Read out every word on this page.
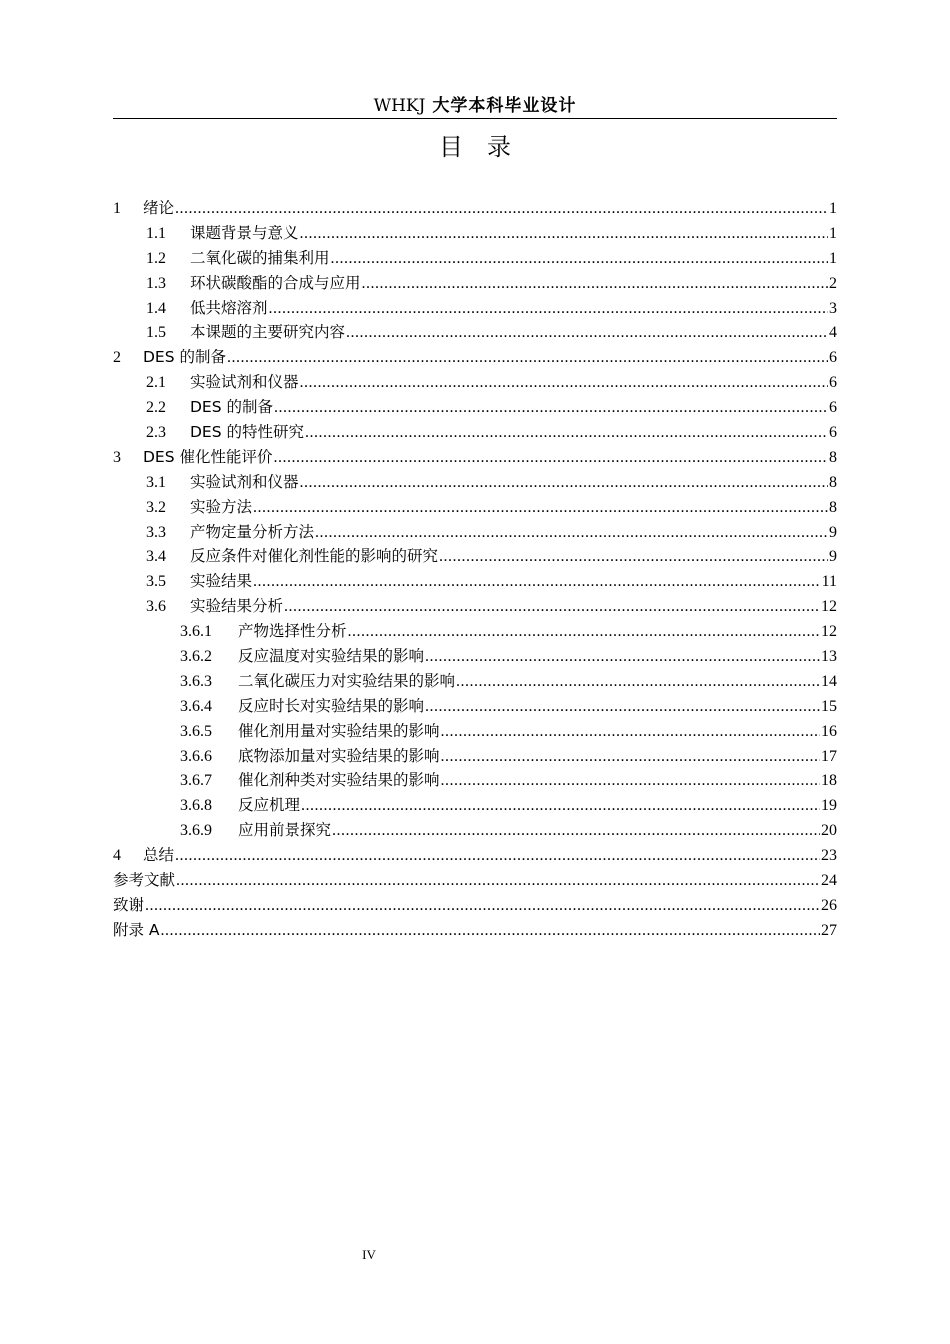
WHKJ 大学本科毕业设计
目　录
1	绪论 .....	1
1.1	课题背景与意义 .....	1
1.2	二氧化碳的捕集利用 .....	1
1.3	环状碳酸酯的合成与应用 .....	2
1.4	低共熔溶剂 .....	3
1.5	本课题的主要研究内容 .....	4
2	DES 的制备 .....	6
2.1	实验试剂和仪器 .....	6
2.2	DES 的制备 .....	6
2.3	DES 的特性研究 .....	6
3	DES 催化性能评价 .....	8
3.1	实验试剂和仪器 .....	8
3.2	实验方法 .....	8
3.3	产物定量分析方法 .....	9
3.4	反应条件对催化剂性能的影响的研究 .....	9
3.5	实验结果 .....	11
3.6	实验结果分析 .....	12
3.6.1	产物选择性分析 .....	12
3.6.2	反应温度对实验结果的影响 .....	13
3.6.3	二氧化碳压力对实验结果的影响 .....	14
3.6.4	反应时长对实验结果的影响 .....	15
3.6.5	催化剂用量对实验结果的影响 .....	16
3.6.6	底物添加量对实验结果的影响 .....	17
3.6.7	催化剂种类对实验结果的影响 .....	18
3.6.8	反应机理 .....	19
3.6.9	应用前景探究 .....	20
4	总结 .....	23
参考文献 .....	24
致谢 .....	26
附录 A .....	27
IV
